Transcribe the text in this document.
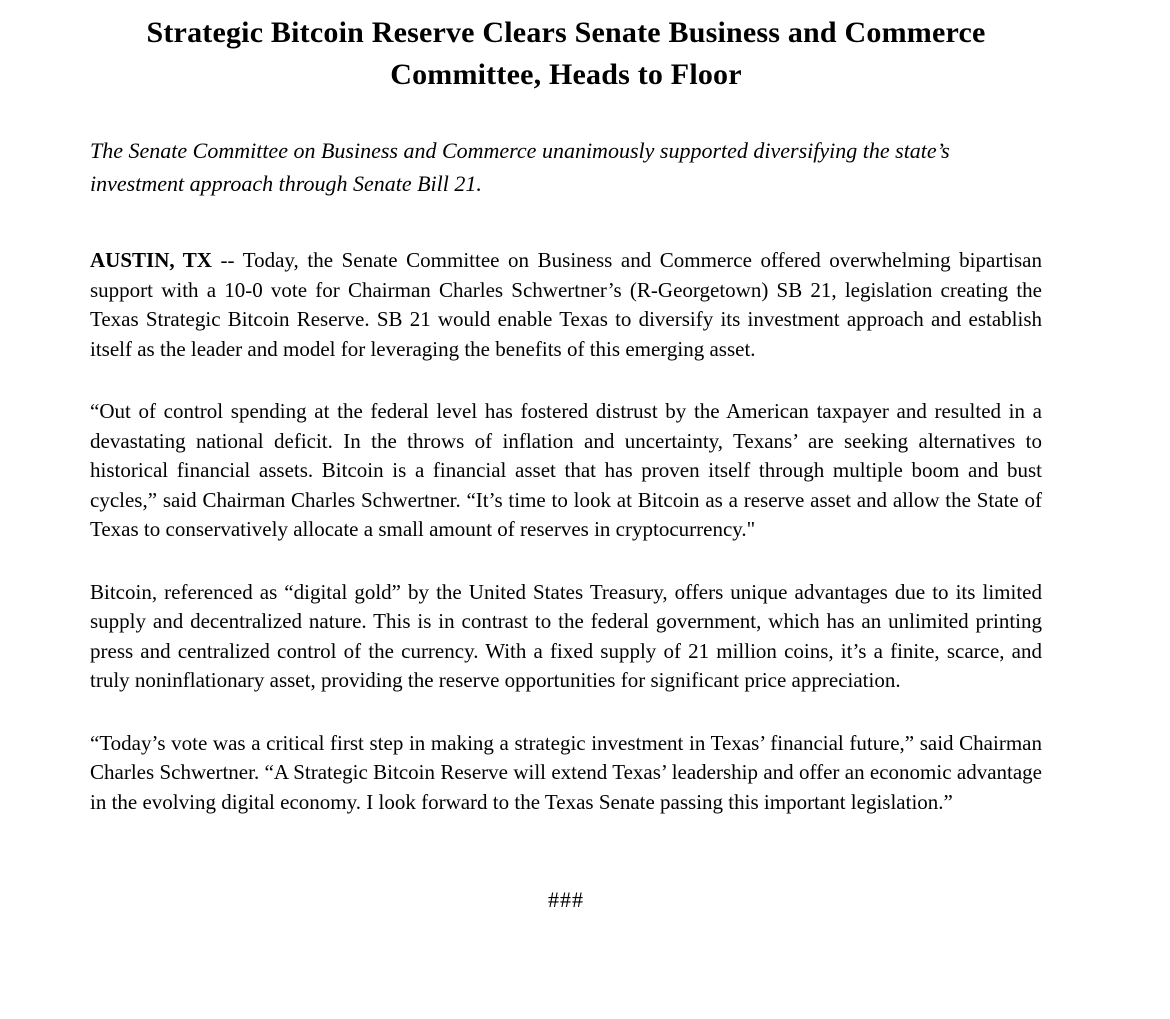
Strategic Bitcoin Reserve Clears Senate Business and Commerce Committee, Heads to Floor

The Senate Committee on Business and Commerce unanimously supported diversifying the state’s investment approach through Senate Bill 21.

AUSTIN, TX -- Today, the Senate Committee on Business and Commerce offered overwhelming bipartisan support with a 10-0 vote for Chairman Charles Schwertner’s (R-Georgetown) SB 21, legislation creating the Texas Strategic Bitcoin Reserve. SB 21 would enable Texas to diversify its investment approach and establish itself as the leader and model for leveraging the benefits of this emerging asset.

“Out of control spending at the federal level has fostered distrust by the American taxpayer and resulted in a devastating national deficit. In the throws of inflation and uncertainty, Texans’ are seeking alternatives to historical financial assets. Bitcoin is a financial asset that has proven itself through multiple boom and bust cycles,” said Chairman Charles Schwertner. “It’s time to look at Bitcoin as a reserve asset and allow the State of Texas to conservatively allocate a small amount of reserves in cryptocurrency."

Bitcoin, referenced as “digital gold” by the United States Treasury, offers unique advantages due to its limited supply and decentralized nature. This is in contrast to the federal government, which has an unlimited printing press and centralized control of the currency. With a fixed supply of 21 million coins, it’s a finite, scarce, and truly noninflationary asset, providing the reserve opportunities for significant price appreciation.

“Today’s vote was a critical first step in making a strategic investment in Texas’ financial future,” said Chairman Charles Schwertner. “A Strategic Bitcoin Reserve will extend Texas’ leadership and offer an economic advantage in the evolving digital economy. I look forward to the Texas Senate passing this important legislation.”

###
